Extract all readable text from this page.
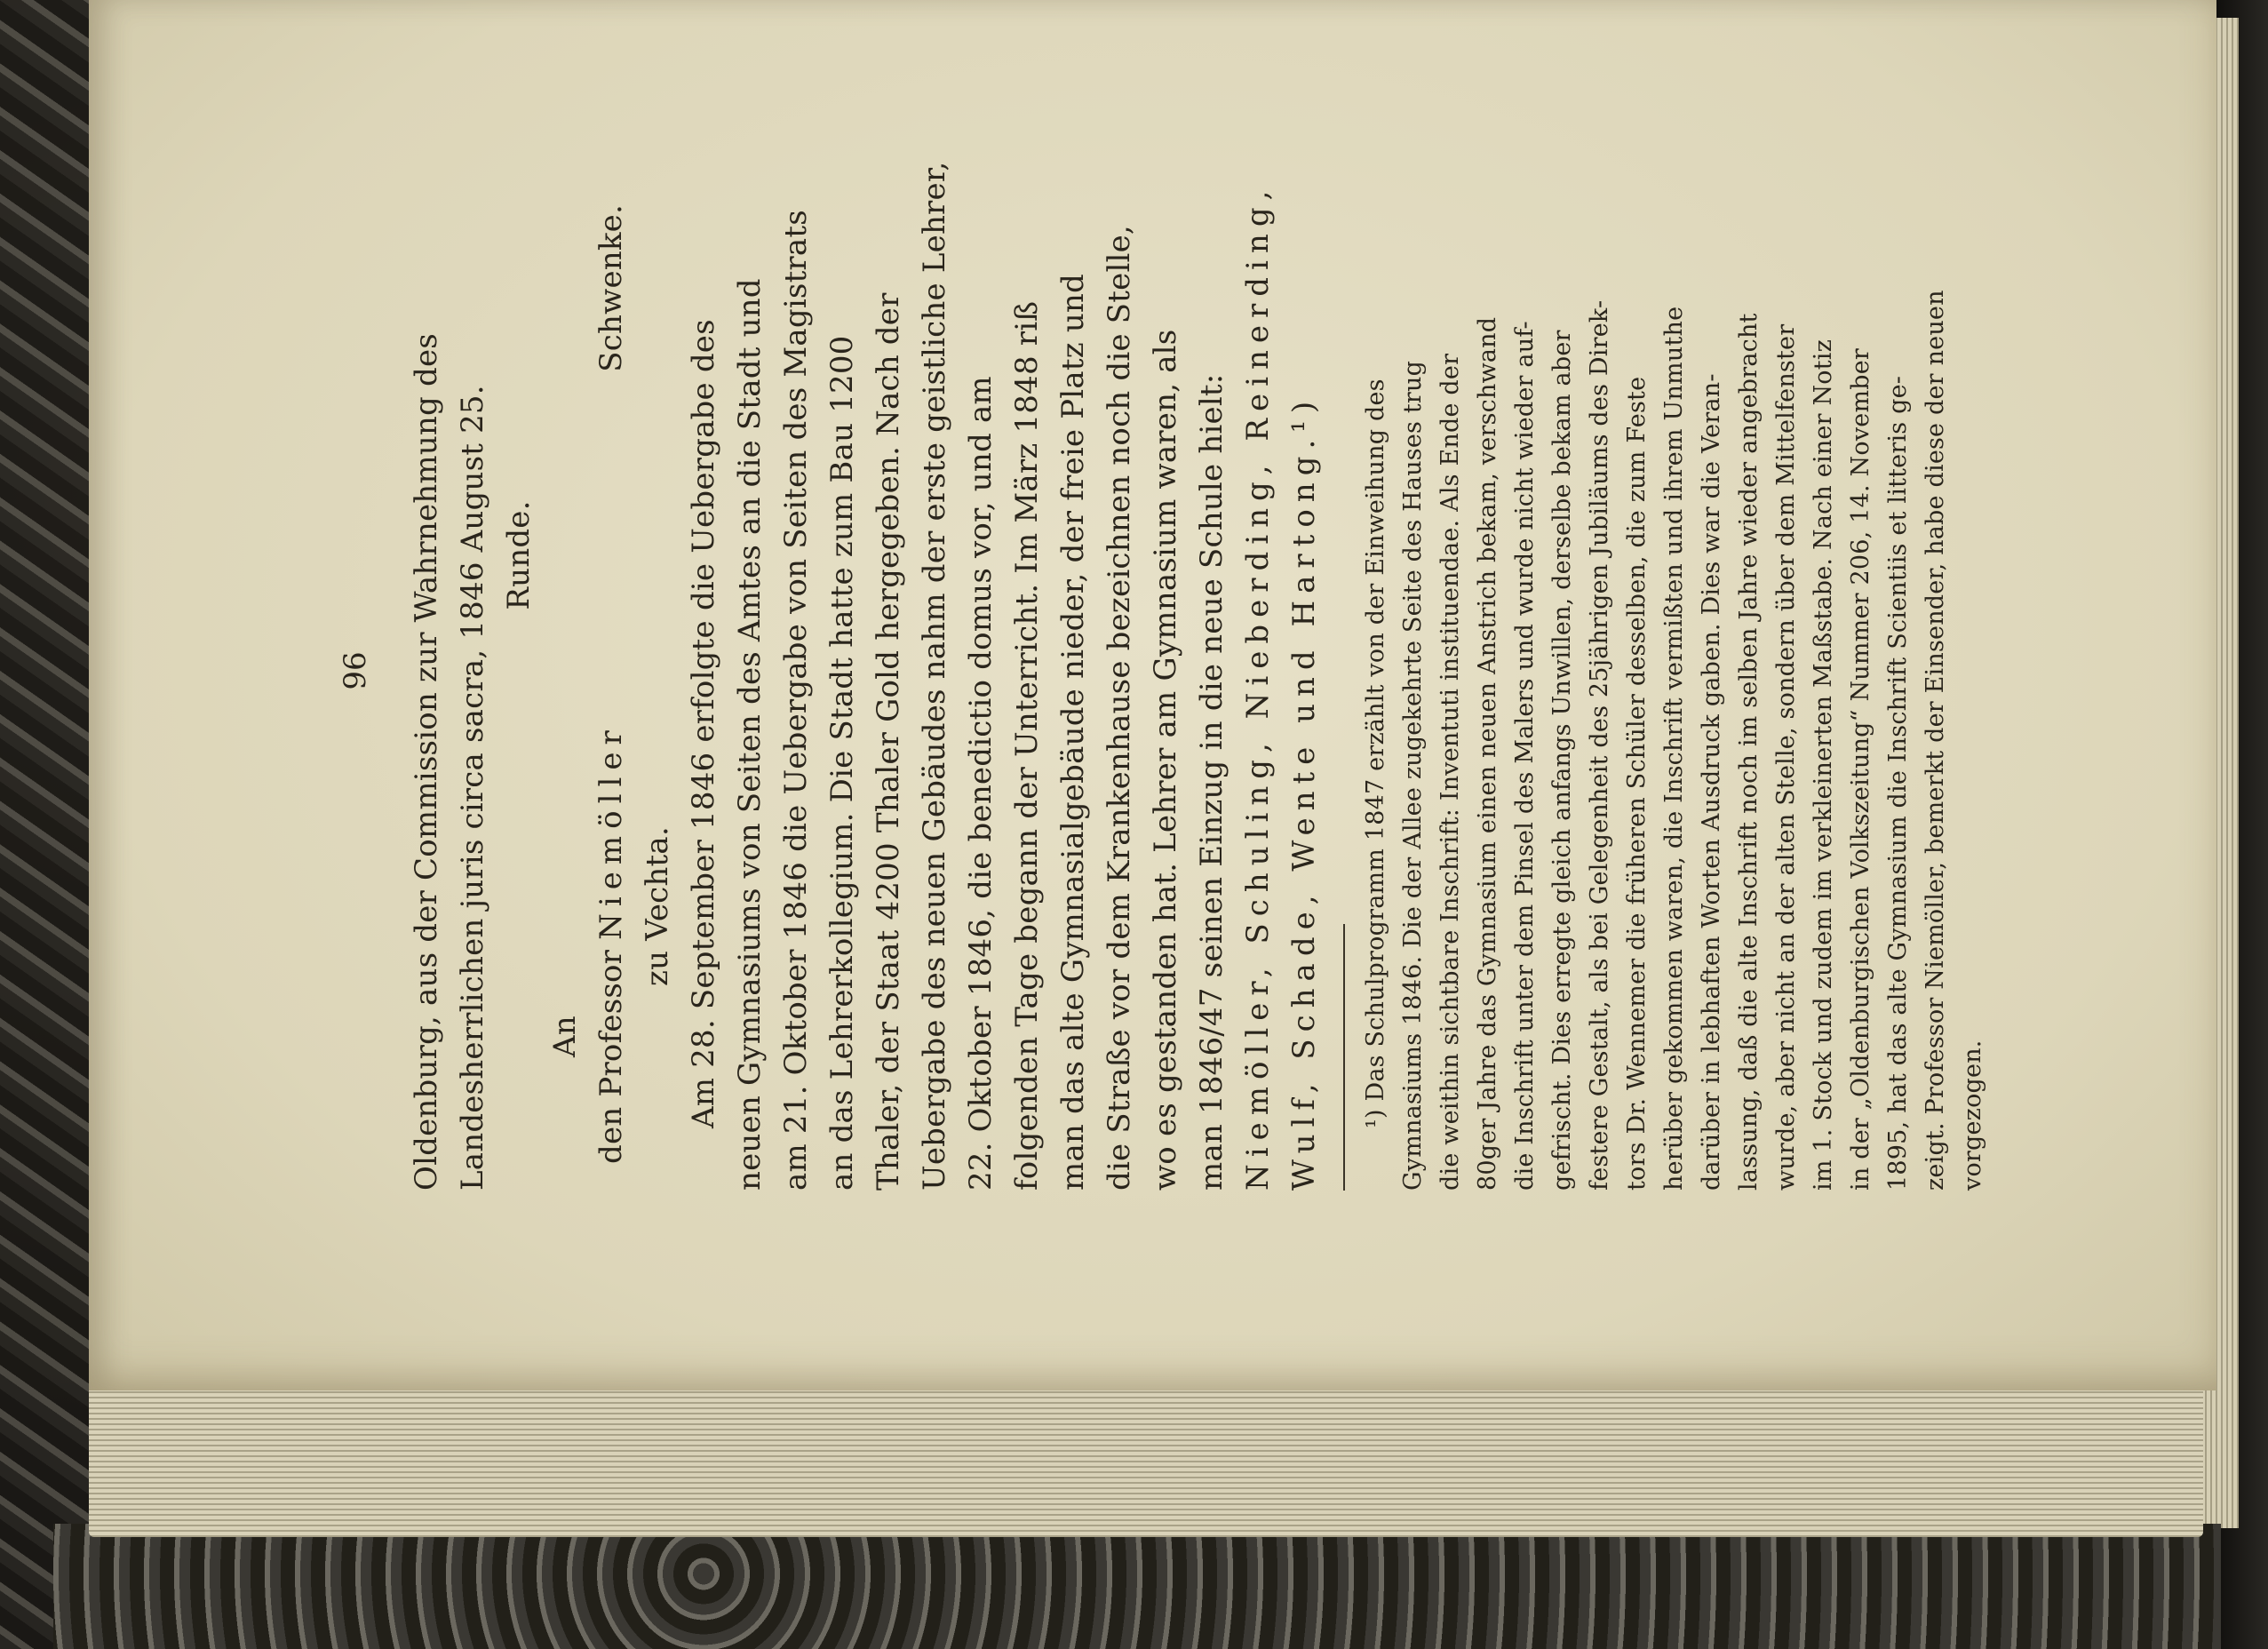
96 Oldenburg, aus der Commission zur Wahrnehmung des Landesherrlichen juris circa sacra, 1846 August 25. Runde.
An den Professor Niemöller
Schwenke.
zu Vechta. Am 28. September 1846 erfolgte die Uebergabe des neuen Gymnasiums von Seiten des Amtes an die Stadt und am 21. Oktober 1846 die Uebergabe von Seiten des Magistrats an das Lehrerkollegium. Die Stadt hatte zum Bau 1200 Thaler, der Staat 4200 Thaler Gold hergegeben. Nach der Uebergabe des neuen Gebäudes nahm der erste geistliche Lehrer, 22. Oktober 1846, die benedictio domus vor, und am folgenden Tage begann der Unterricht. Im März 1848 riß man das alte Gymnasialgebäude nieder, der freie Platz und die Straße vor dem Krankenhause bezeichnen noch die Stelle, wo es gestanden hat. Lehrer am Gymnasium waren, als man 1846/47 seinen Einzug in die neue Schule hielt: Niemöller, Schuling, Nieberding, Reinerding, Wulf, Schade, Wente und Hartong.¹) ¹) Das Schulprogramm 1847 erzählt von der Einweihung des Gymnasiums 1846. Die der Allee zugekehrte Seite des Hauses trug die weithin sichtbare Inschrift: Inventuti instituendae. Als Ende der 80ger Jahre das Gymnasium einen neuen Anstrich bekam, verschwand die Inschrift unter dem Pinsel des Malers und wurde nicht wieder auf- gefrischt. Dies erregte gleich anfangs Unwillen, derselbe bekam aber festere Gestalt, als bei Gelegenheit des 25jährigen Jubiläums des Direk- tors Dr. Wennemer die früheren Schüler desselben, die zum Feste herüber gekommen waren, die Inschrift vermißten und ihrem Unmuthe darüber in lebhaften Worten Ausdruck gaben. Dies war die Veran- lassung, daß die alte Inschrift noch im selben Jahre wieder angebracht wurde, aber nicht an der alten Stelle, sondern über dem Mittelfenster im 1. Stock und zudem im verkleinerten Maßstabe. Nach einer Notiz in der „Oldenburgischen Volkszeitung“ Nummer 206, 14. November 1895, hat das alte Gymnasium die Inschrift Scientiis et litteris ge- zeigt. Professor Niemöller, bemerkt der Einsender, habe diese der neuen vorgezogen.
